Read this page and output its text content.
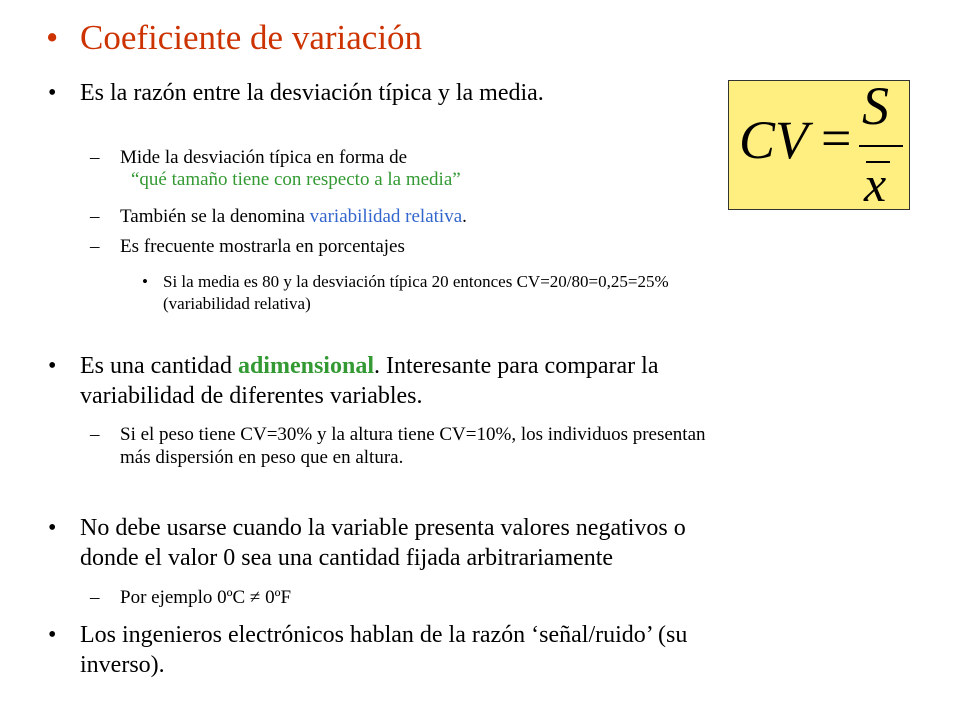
• Coeficiente de variación
CV =
S
x
• Es la razón entre la desviación típica y la media.
– Mide la desviación típica en forma de
“qué tamaño tiene con respecto a la media”
– También se la denomina variabilidad relativa.
– Es frecuente mostrarla en porcentajes
• Si la media es 80 y la desviación típica 20 entonces CV=20/80=0,25=25%
(variabilidad relativa)
• Es una cantidad adimensional. Interesante para comparar la
variabilidad de diferentes variables.
– Si el peso tiene CV=30% y la altura tiene CV=10%, los individuos presentan
más dispersión en peso que en altura.
• No debe usarse cuando la variable presenta valores negativos o
donde el valor 0 sea una cantidad fijada arbitrariamente
– Por ejemplo 0ºC ≠ 0ºF
• Los ingenieros electrónicos hablan de la razón ‘señal/ruido’ (su
inverso).
